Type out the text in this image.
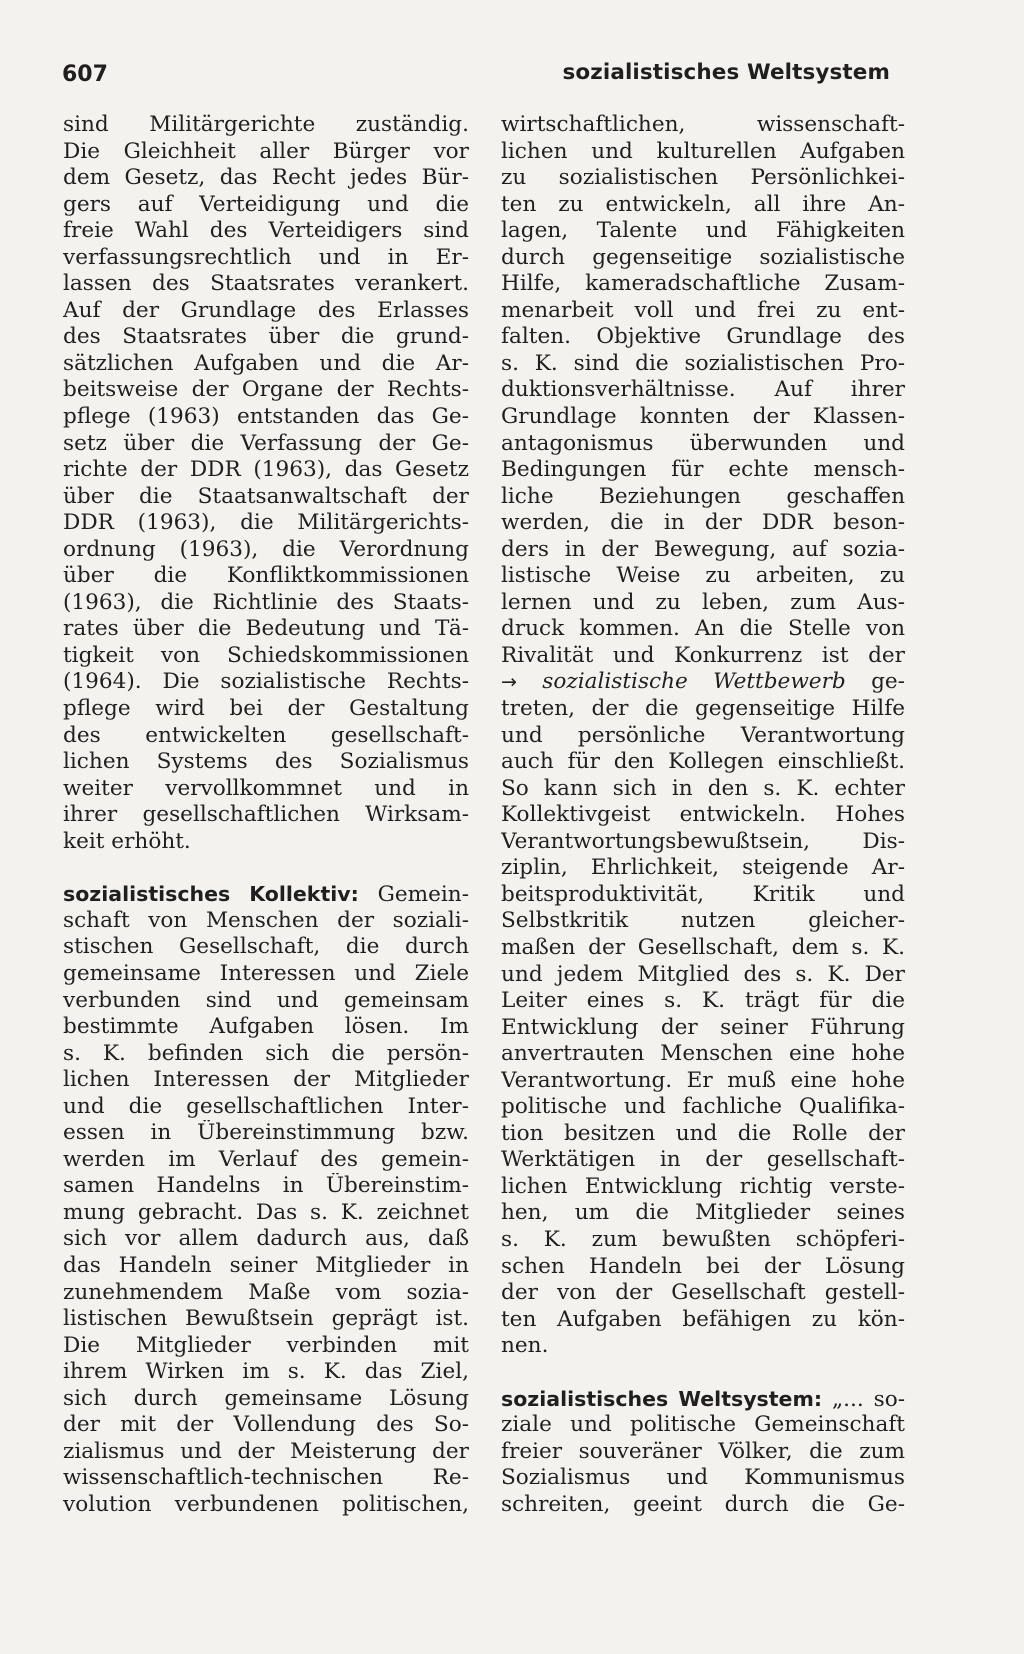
607	sozialistisches Weltsystem
sind Militärgerichte zuständig.
Die Gleichheit aller Bürger vor
dem Gesetz, das Recht jedes Bür-
gers auf Verteidigung und die
freie Wahl des Verteidigers sind
verfassungsrechtlich und in Er-
lassen des Staatsrates verankert.
Auf der Grundlage des Erlasses
des Staatsrates über die grund-
sätzlichen Aufgaben und die Ar-
beitsweise der Organe der Rechts-
pflege (1963) entstanden das Ge-
setz über die Verfassung der Ge-
richte der DDR (1963), das Gesetz
über die Staatsanwaltschaft der
DDR (1963), die Militärgerichts-
ordnung (1963), die Verordnung
über die Konfliktkommissionen
(1963), die Richtlinie des Staats-
rates über die Bedeutung und Tä-
tigkeit von Schiedskommissionen
(1964). Die sozialistische Rechts-
pflege wird bei der Gestaltung
des entwickelten gesellschaft-
lichen Systems des Sozialismus
weiter vervollkommnet und in
ihrer gesellschaftlichen Wirksam-
keit erhöht.
sozialistisches Kollektiv: Gemein-
schaft von Menschen der soziali-
stischen Gesellschaft, die durch
gemeinsame Interessen und Ziele
verbunden sind und gemeinsam
bestimmte Aufgaben lösen. Im
s. K. befinden sich die persön-
lichen Interessen der Mitglieder
und die gesellschaftlichen Inter-
essen in Übereinstimmung bzw.
werden im Verlauf des gemein-
samen Handelns in Übereinstim-
mung gebracht. Das s. K. zeichnet
sich vor allem dadurch aus, daß
das Handeln seiner Mitglieder in
zunehmendem Maße vom sozia-
listischen Bewußtsein geprägt ist.
Die Mitglieder verbinden mit
ihrem Wirken im s. K. das Ziel,
sich durch gemeinsame Lösung
der mit der Vollendung des So-
zialismus und der Meisterung der
wissenschaftlich-technischen Re-
volution verbundenen politischen,
wirtschaftlichen, wissenschaft-
lichen und kulturellen Aufgaben
zu sozialistischen Persönlichkei-
ten zu entwickeln, all ihre An-
lagen, Talente und Fähigkeiten
durch gegenseitige sozialistische
Hilfe, kameradschaftliche Zusam-
menarbeit voll und frei zu ent-
falten. Objektive Grundlage des
s. K. sind die sozialistischen Pro-
duktionsverhältnisse. Auf ihrer
Grundlage konnten der Klassen-
antagonismus überwunden und
Bedingungen für echte mensch-
liche Beziehungen geschaffen
werden, die in der DDR beson-
ders in der Bewegung, auf sozia-
listische Weise zu arbeiten, zu
lernen und zu leben, zum Aus-
druck kommen. An die Stelle von
Rivalität und Konkurrenz ist der
→ sozialistische Wettbewerb ge-
treten, der die gegenseitige Hilfe
und persönliche Verantwortung
auch für den Kollegen einschließt.
So kann sich in den s. K. echter
Kollektivgeist entwickeln. Hohes
Verantwortungsbewußtsein, Dis-
ziplin, Ehrlichkeit, steigende Ar-
beitsproduktivität, Kritik und
Selbstkritik nutzen gleicher-
maßen der Gesellschaft, dem s. K.
und jedem Mitglied des s. K. Der
Leiter eines s. K. trägt für die
Entwicklung der seiner Führung
anvertrauten Menschen eine hohe
Verantwortung. Er muß eine hohe
politische und fachliche Qualifika-
tion besitzen und die Rolle der
Werktätigen in der gesellschaft-
lichen Entwicklung richtig verste-
hen, um die Mitglieder seines
s. K. zum bewußten schöpferi-
schen Handeln bei der Lösung
der von der Gesellschaft gestell-
ten Aufgaben befähigen zu kön-
nen.
sozialistisches Weltsystem: „... so-
ziale und politische Gemeinschaft
freier souveräner Völker, die zum
Sozialismus und Kommunismus
schreiten, geeint durch die Ge-
